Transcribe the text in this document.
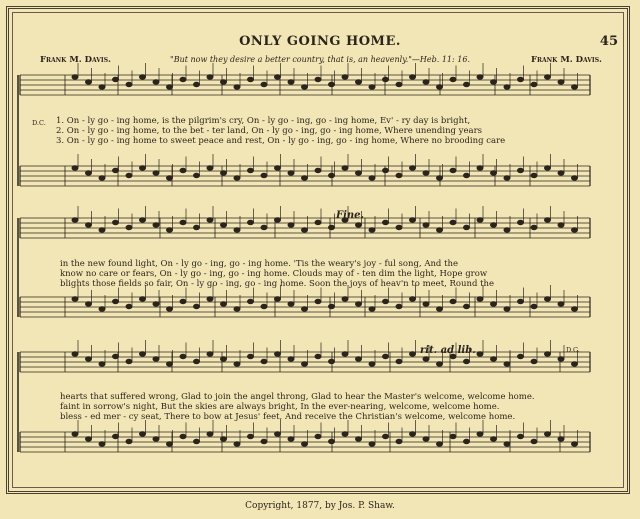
ONLY GOING HOME.	45
Frank M. Davis.	"But now they desire a better country, that is, an heavenly."—Heb. 11: 16.	Frank M. Davis.
D.C. 1. On - ly go - ing home, is the pilgrim's cry, On - ly go - ing, go - ing home, Ev' - ry day is bright,
2. On - ly go - ing home, to the bet - ter land, On - ly go - ing, go - ing home, Where unending years
3. On - ly go - ing home to sweet peace and rest, On - ly go - ing, go - ing home, Where no brooding care
Fine.
in the new found light, On - ly go - ing, go - ing home. 'Tis the weary's joy - ful song, And the
know no care or fears, On - ly go - ing, go - ing home. Clouds may of - ten dim the light, Hope grow
blights those fields so fair, On - ly go - ing, go - ing home. Soon the joys of heav'n to meet, Round the
rit. ad lib.	D.C.
hearts that suffered wrong, Glad to join the angel throng, Glad to hear the Master's welcome, welcome home.
faint in sorrow's night, But the skies are always bright, In the ever-nearing, welcome, welcome home.
bless - ed mer - cy seat, There to bow at Jesus' feet, And receive the Christian's welcome, welcome home.
Copyright, 1877, by Jos. P. Shaw.
